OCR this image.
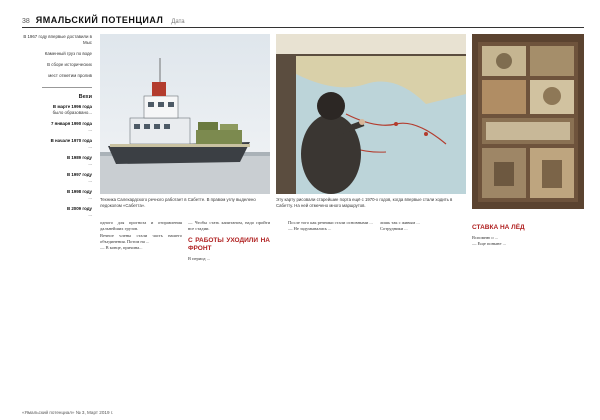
38 ЯМАЛЬСКИЙ ПОТЕНЦИАЛ Дата

В 1967 году впервые доставили в Мыс

Каменный груз по воде

В сборе исторических

мест отметим пролив

Вехи

В марте 1996 года
было образовано...
7 января 1990 года
...
В начале 1970 года
...
В 1989 году
...
В 1997 году
...
В 1998 году
...
В 2009 году
...
Техника Салехардского речного работает в Сабетте. В правом углу выделено ледоколом «Сабетта».
Эту карту рисовали старейшие порта ещё с 1970-х годов, когда впервые стали ходить в Сабетту. На ней отмечено много маршрутов.

одного для прогноза и отправления дальнейших грузов.

Вечное члены стали часть нашего объединения. Потом на ...

— В конце, причина...

— Чтобы стать капитаном, надо пройти все стадии.

С РАБОТЫ УХОДИЛИ НА ФРОНТ

В период ...

После того как речники стали основными ...

— Не задумывались ...

лишь так с живым ...

Сотрудники ...	СТАВКА НА ЛЁД

Вспомню о ...

— Еще поныне ...

«Ямальский потенциал» № 3, Март 2019 г.
